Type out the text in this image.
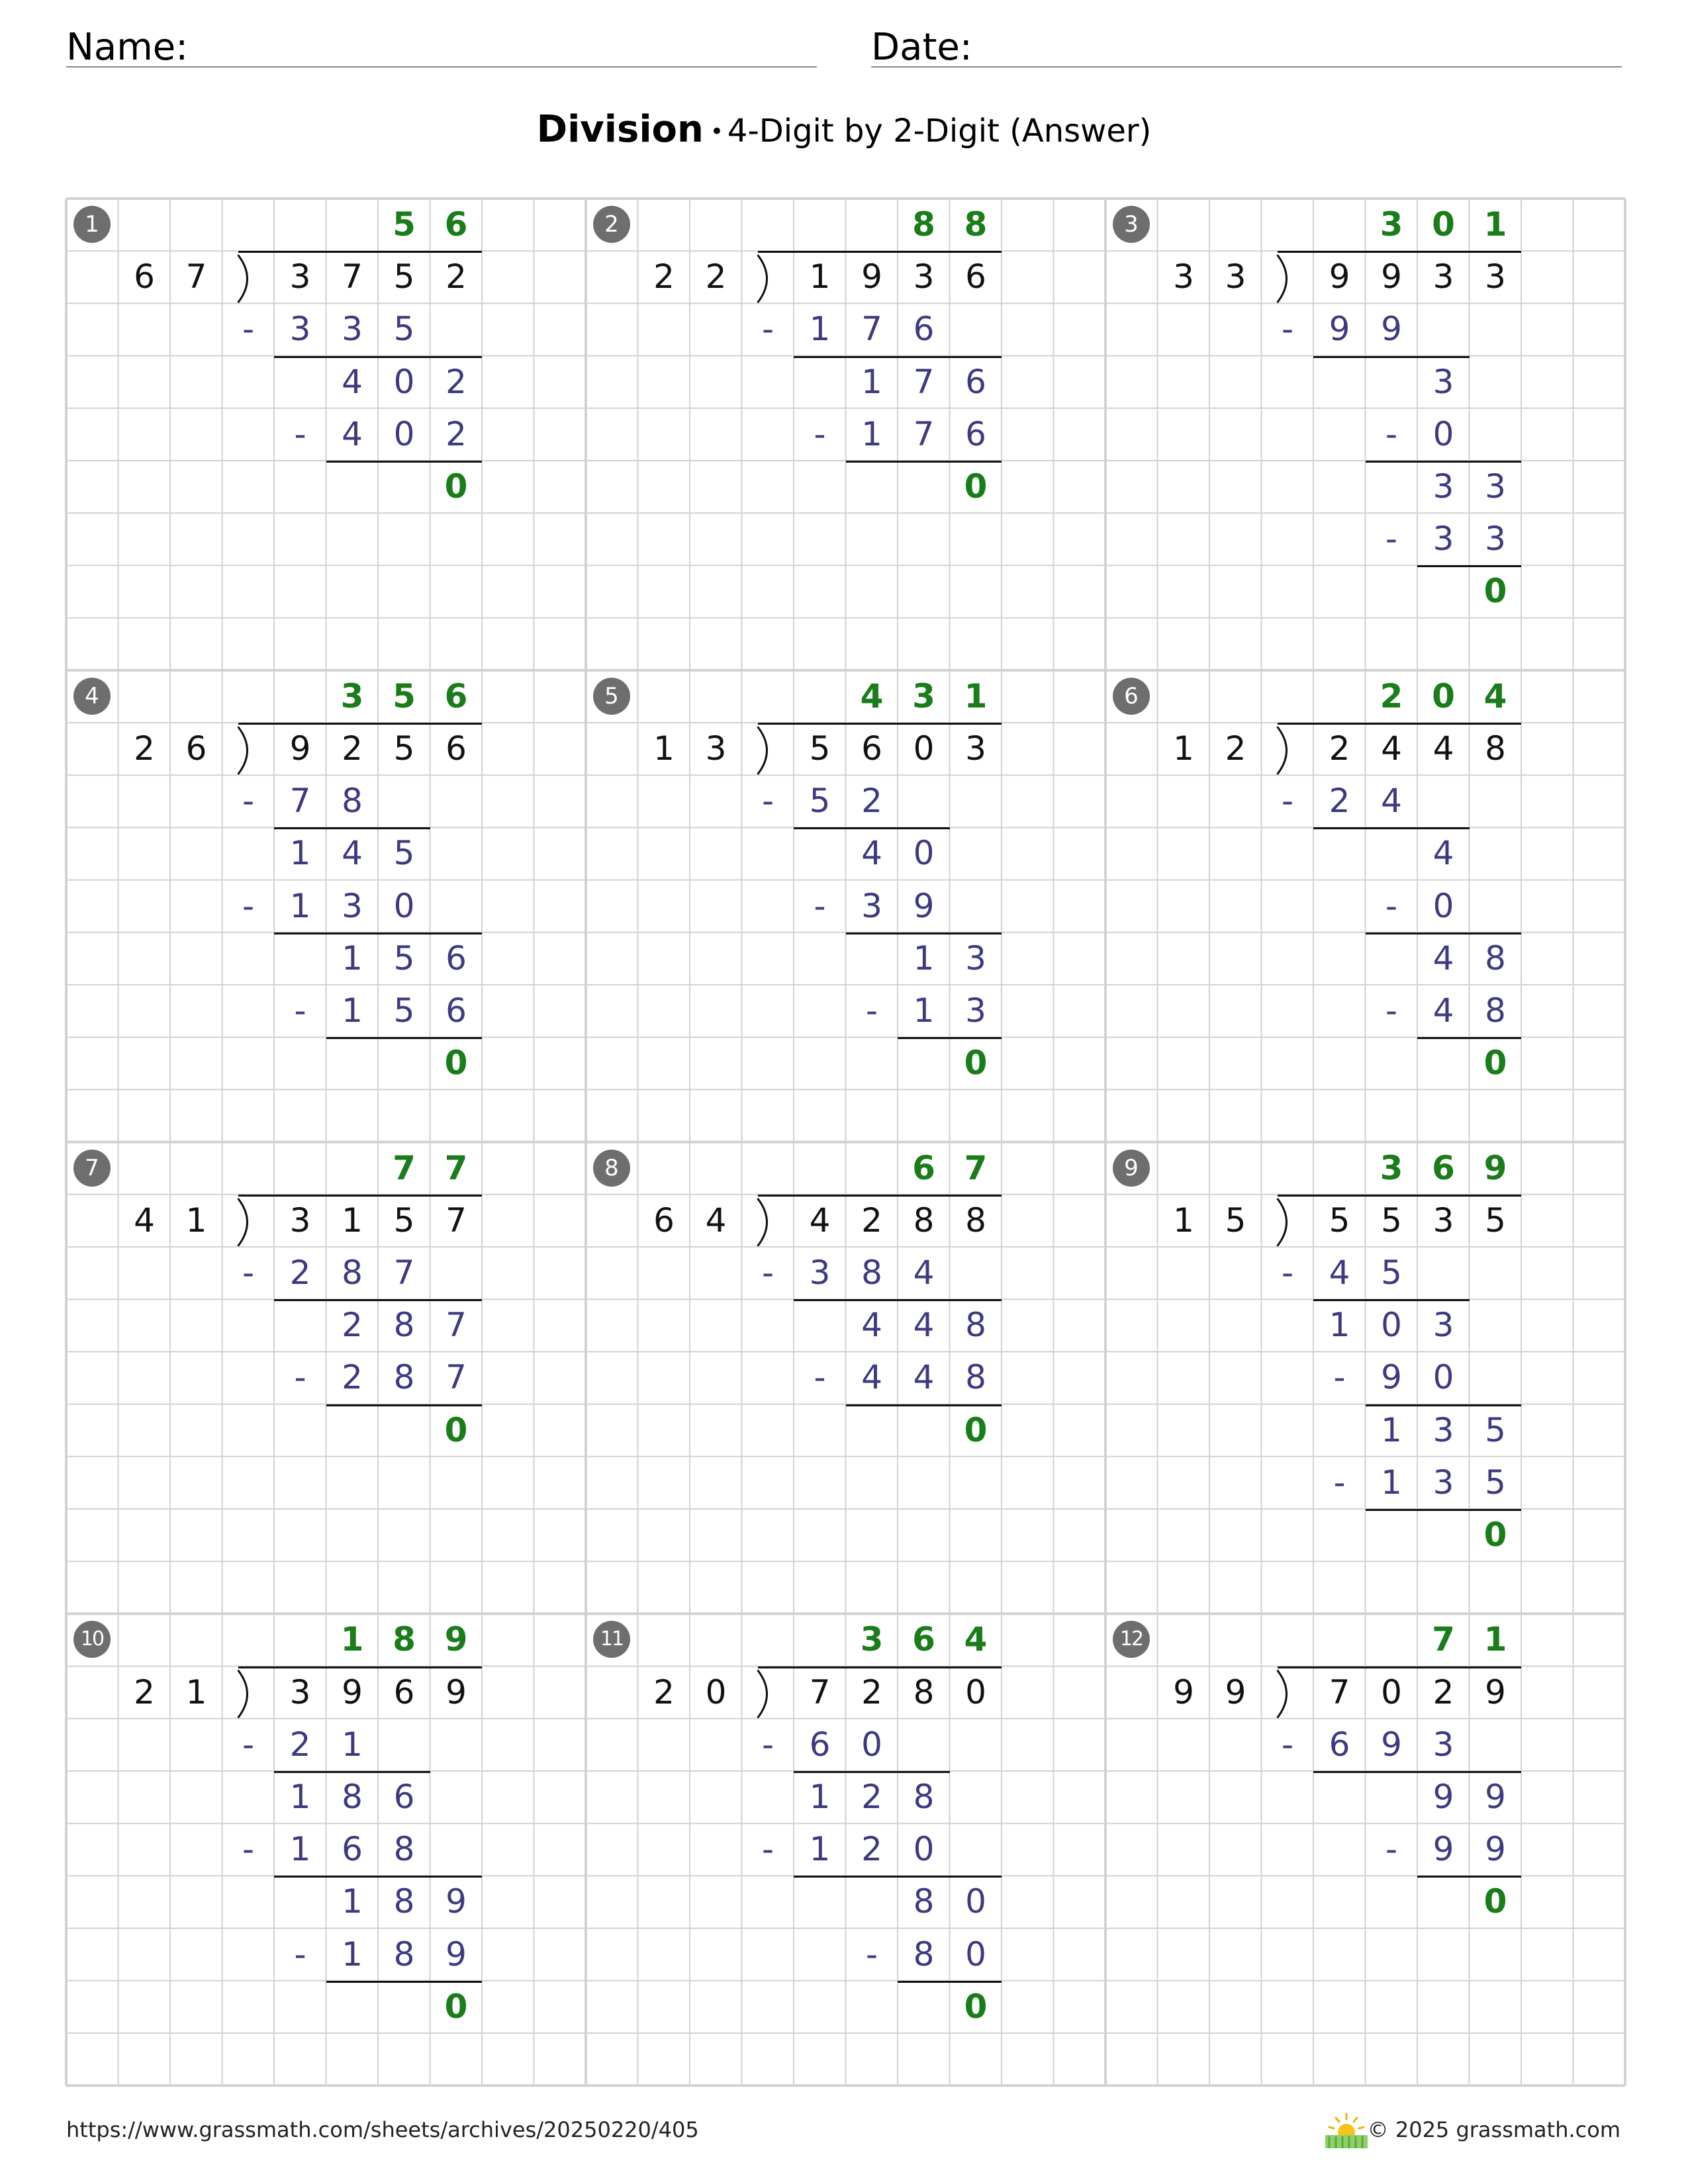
Name:	Date:
Division • 4-Digit by 2-Digit (Answer)
1	5 6
6 7	3 7 5 2
-	3 3 5
4 0 2
-	4 0 2
0
2	8 8
2 2	1 9 3 6
-	1 7 6
1 7 6
-	1 7 6
0
3	3 0 1
3 3	9 9 3 3
-	9 9
3
-	0
3 3
-	3 3
0
4	3 5 6
2 6	9 2 5 6
-	7 8
1 4 5
-	1 3 0
1 5 6
-	1 5 6
0
5	4 3 1
1 3	5 6 0 3
-	5 2
4 0
-	3 9
1 3
-	1 3
0
6	2 0 4
1 2	2 4 4 8
-	2 4
4
-	0
4 8
-	4 8
0
7	7 7
4 1	3 1 5 7
-	2 8 7
2 8 7
-	2 8 7
0
8	6 7
6 4	4 2 8 8
-	3 8 4
4 4 8
-	4 4 8
0
9	3 6 9
1 5	5 5 3 5
-	4 5
1 0 3
-	9 0
1 3 5
-	1 3 5
0
10	1 8 9
2 1	3 9 6 9
-	2 1
1 8 6
-	1 6 8
1 8 9
-	1 8 9
0
11	3 6 4
2 0	7 2 8 0
-	6 0
1 2 8
-	1 2 0
8 0
-	8 0
0
12	7 1
9 9	7 0 2 9
-	6 9 3
9 9
-	9 9
0
https://www.grassmath.com/sheets/archives/20250220/405	© 2025 grassmath.com
